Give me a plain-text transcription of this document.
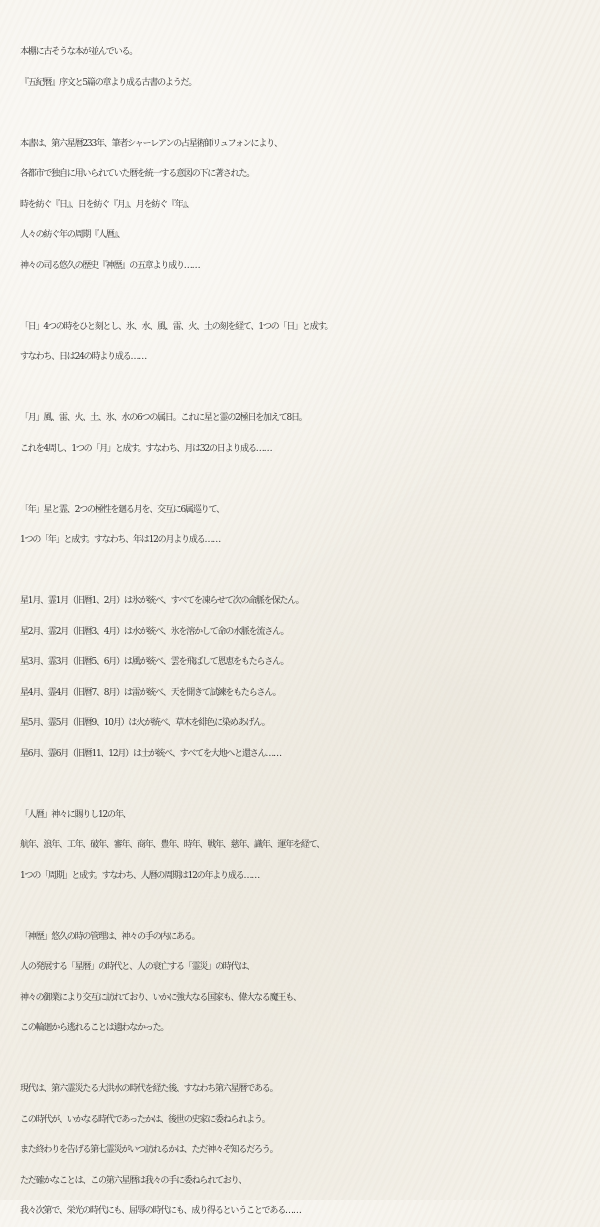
本棚に古そうな本が並んでいる。
『五紀暦』序文と5篇の章より成る古書のようだ。
本書は、第六星暦233年、筆者シャーレアンの占星術師リュフォンにより、
各都市で独自に用いられていた暦を統一する意図の下に著された。
時を紡ぐ『日』、日を紡ぐ『月』、月を紡ぐ『年』、
人々の紡ぐ年の周期『人暦』、
神々の司る悠久の歴史『神歴』の五章より成り……
「日」4つの時をひと刻とし、氷、水、風、雷、火、土の刻を経て、1つの「日」と成す。
すなわち、日は24の時より成る……
「月」風、雷、火、土、氷、水の6つの属日。これに星と霊の2極日を加えて8日。
これを4周し、1つの「月」と成す。すなわち、月は32の日より成る……
「年」星と霊、2つの極性を廻る月を、交互に6属巡りて、
1つの「年」と成す。すなわち、年は12の月より成る……
星1月、霊1月（旧暦1、2月）は氷が統べ、すべてを凍らせて次の命脈を保たん。
星2月、霊2月（旧暦3、4月）は水が統べ、氷を溶かして命の水脈を流さん。
星3月、霊3月（旧暦5、6月）は風が統べ、雲を飛ばして恩恵をもたらさん。
星4月、霊4月（旧暦7、8月）は雷が統べ、天を開きて試練をもたらさん。
星5月、霊5月（旧暦9、10月）は火が統べ、草木を緋色に染めあげん。
星6月、霊6月（旧暦11、12月）は土が統べ、すべてを大地へと還さん……
「人暦」神々に賜りし12の年、
航年、浪年、工年、破年、審年、商年、豊年、時年、戦年、慈年、識年、運年を経て、
1つの「周期」と成す。すなわち、人暦の周期は12の年より成る……
「神歴」悠久の時の管理は、神々の手の内にある。
人の発展する「星暦」の時代と、人の衰亡する「霊災」の時代は、
神々の御業により交互に訪れており、いかに強大なる国家も、偉大なる魔王も、
この輪廻から逃れることは適わなかった。
現代は、第六霊災たる大洪水の時代を経た後、すなわち第六星暦である。
この時代が、いかなる時代であったかは、後世の史家に委ねられよう。
また終わりを告げる第七霊災がいつ訪れるかは、ただ神々ぞ知るだろう。
ただ確かなことは、この第六星暦は我々の手に委ねられており、
我々次第で、栄光の時代にも、屈辱の時代にも、成り得るということである……
